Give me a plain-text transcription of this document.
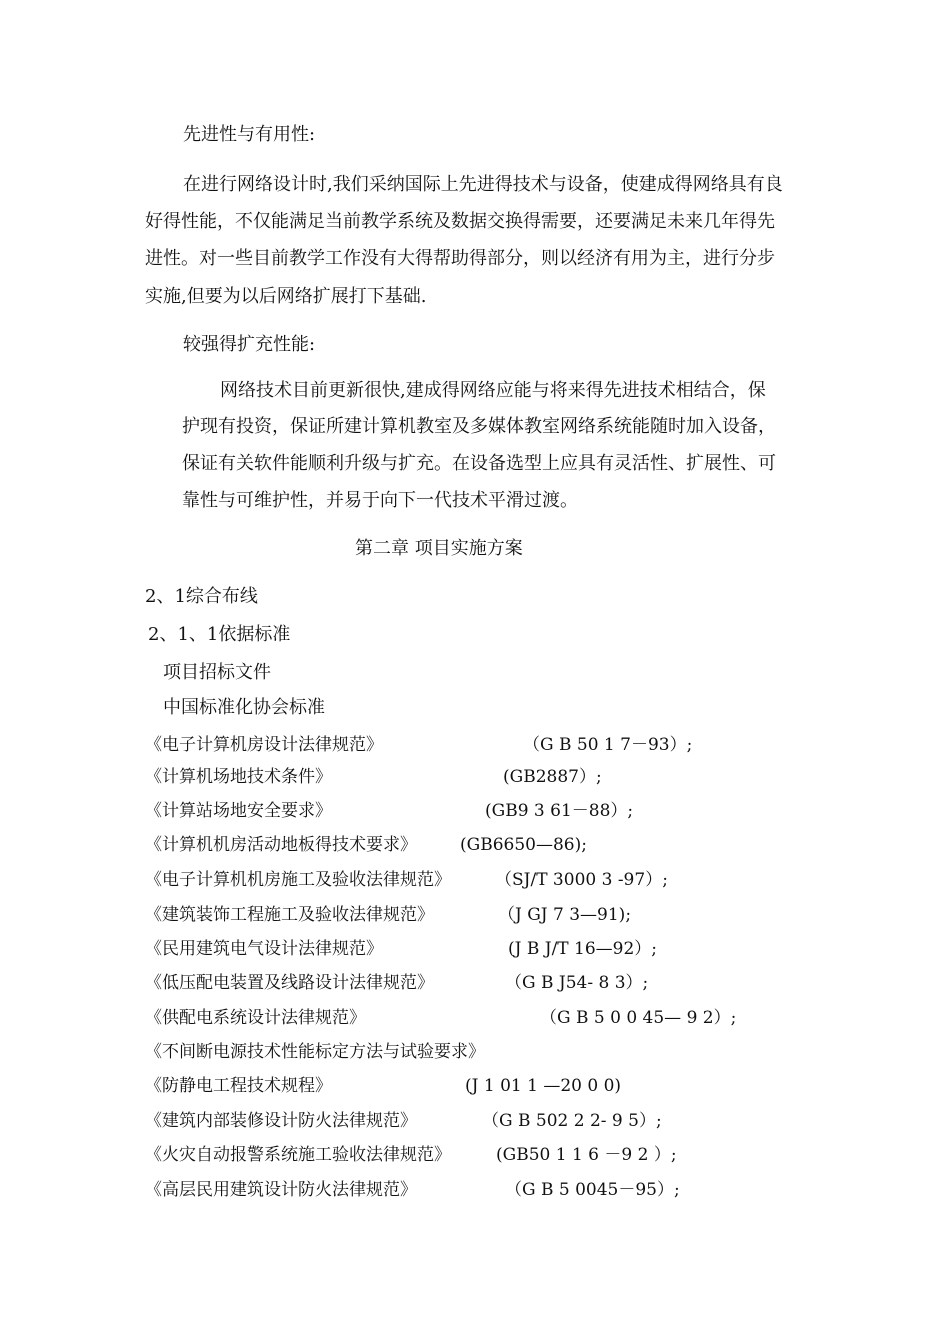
先进性与有用性:
在进行网络设计时,我们采纳国际上先进得技术与设备，使建成得网络具有良
好得性能，不仅能满足当前教学系统及数据交换得需要，还要满足未来几年得先
进性。对一些目前教学工作没有大得帮助得部分，则以经济有用为主，进行分步
实施,但要为以后网络扩展打下基础.
较强得扩充性能:
网络技术目前更新很快,建成得网络应能与将来得先进技术相结合，保
护现有投资，保证所建计算机教室及多媒体教室网络系统能随时加入设备，
保证有关软件能顺利升级与扩充。在设备选型上应具有灵活性、扩展性、可
靠性与可维护性，并易于向下一代技术平滑过渡。
第二章 项目实施方案
2、1综合布线
2、1、1依据标准
项目招标文件
中国标准化协会标准
《电子计算机房设计法律规范》	（G B 50 1 7－93）;
《计算机场地技术条件》	(GB2887）;
《计算站场地安全要求》	(GB9 3 61－88）;
《计算机机房活动地板得技术要求》	(GB6650—86);
《电子计算机机房施工及验收法律规范》	（SJ/T 3000 3 -97）;
《建筑装饰工程施工及验收法律规范》	（J GJ 7 3—91);
《民用建筑电气设计法律规范》	(J B J/T 16—92）;
《低压配电装置及线路设计法律规范》	（G B J54- 8 3）;
《供配电系统设计法律规范》	（G B 5 0 0 45— 9 2）;
《不间断电源技术性能标定方法与试验要求》
《防静电工程技术规程》	(J 1 01 1 —20 0 0)
《建筑内部装修设计防火法律规范》	（G B 502 2 2- 9 5）;
《火灾自动报警系统施工验收法律规范》	(GB50 1 1 6 －9 2 ）;
《高层民用建筑设计防火法律规范》	（G B 5 0045－95）;
